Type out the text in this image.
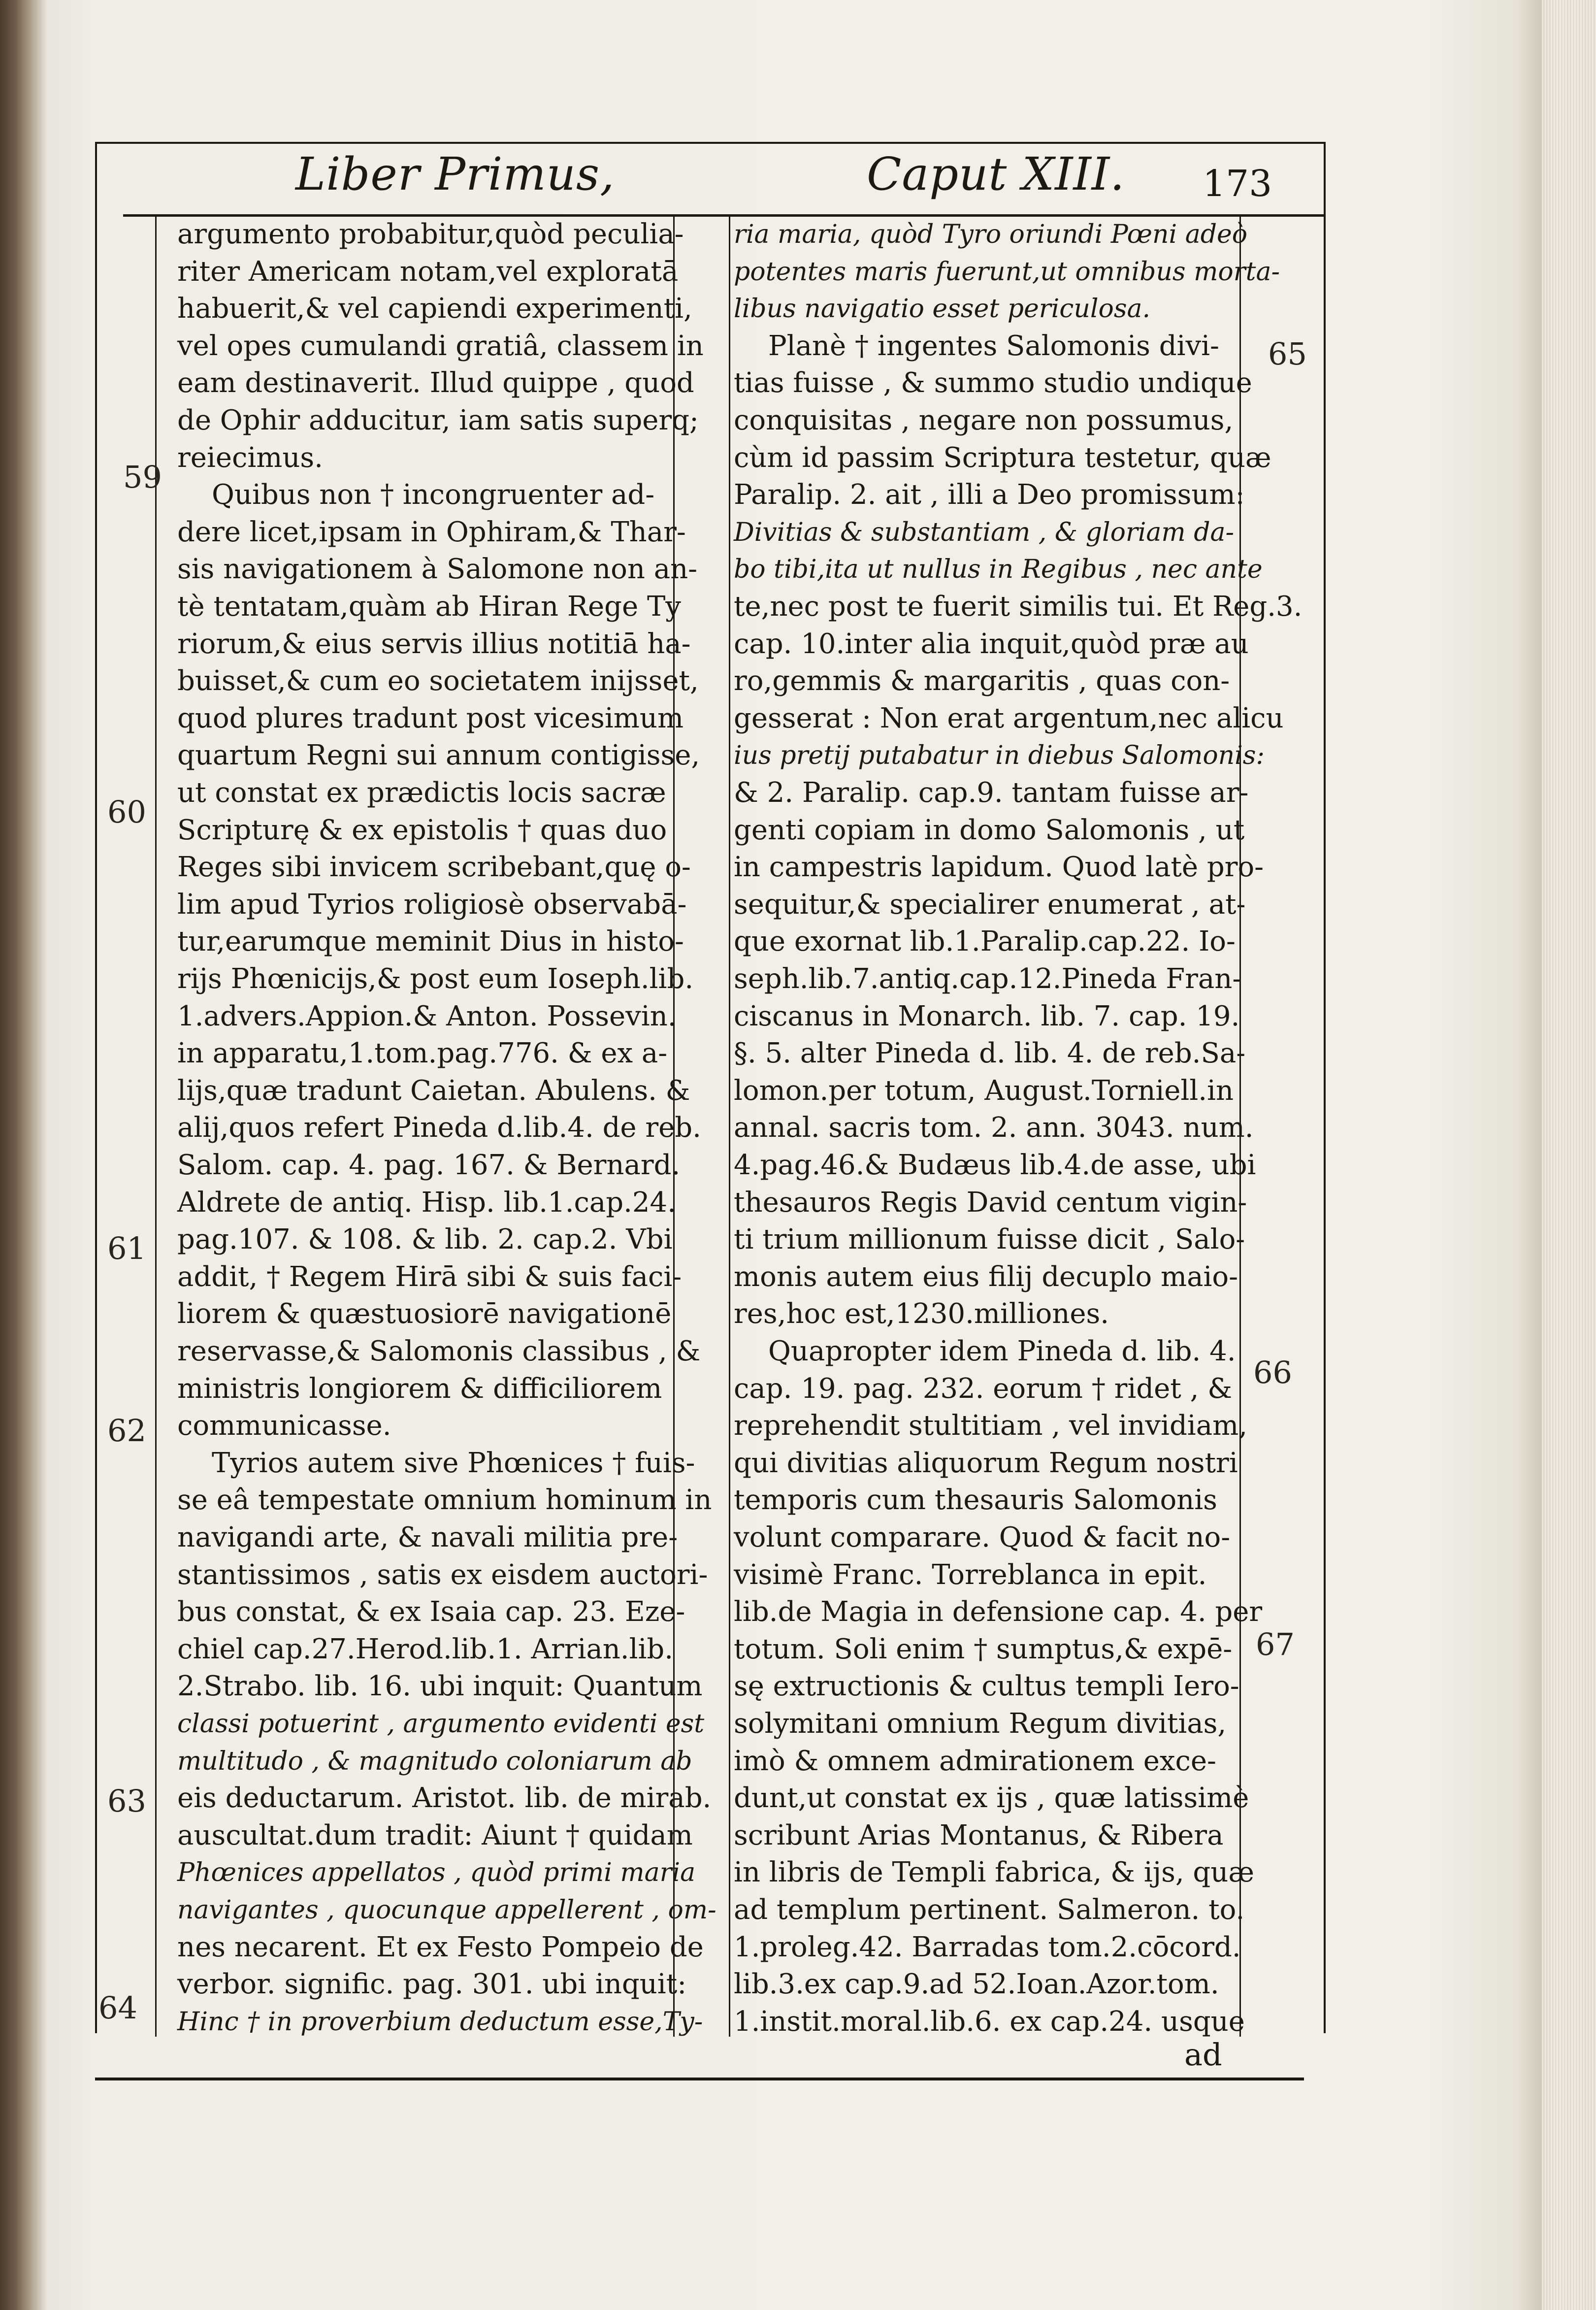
Liber Primus,	Caput XIII. 173
argumento probabitur,quòd peculia-
riter Americam notam,vel exploratā
habuerit,& vel capiendi experimenti,
vel opes cumulandi gratiâ, classem in
eam destinaverit. Illud quippe , quod
de Ophir adducitur, iam satis superq;
reiecimus.
Quibus non † incongruenter ad-
dere licet,ipsam in Ophiram,& Thar-
sis navigationem à Salomone non an-
tè tentatam,quàm ab Hiran Rege Ty
riorum,& eius servis illius notitiā ha-
buisset,& cum eo societatem inijsset,
quod plures tradunt post vicesimum
quartum Regni sui annum contigisse,
ut constat ex prædictis locis sacræ
Scripturę & ex epistolis † quas duo
Reges sibi invicem scribebant,quę o-
lim apud Tyrios roligiosè observabā-
tur,earumque meminit Dius in histo-
rijs Phœnicijs,& post eum Ioseph.lib.
1.advers.Appion.& Anton. Possevin.
in apparatu,1.tom.pag.776. & ex a-
lijs,quæ tradunt Caietan. Abulens. &
alij,quos refert Pineda d.lib.4. de reb.
Salom. cap. 4. pag. 167. & Bernard.
Aldrete de antiq. Hisp. lib.1.cap.24.
pag.107. & 108. & lib. 2. cap.2. Vbi
addit, † Regem Hirā sibi & suis faci-
liorem & quæstuosiorē navigationē
reservasse,& Salomonis classibus , &
ministris longiorem & difficiliorem
communicasse.
Tyrios autem sive Phœnices † fuis-
se eâ tempestate omnium hominum in
navigandi arte, & navali militia pre-
stantissimos , satis ex eisdem auctori-
bus constat, & ex Isaia cap. 23. Eze-
chiel cap.27.Herod.lib.1. Arrian.lib.
2.Strabo. lib. 16. ubi inquit: Quantum
classi potuerint , argumento evidenti est
multitudo , & magnitudo coloniarum ab
eis deductarum. Aristot. lib. de mirab.
auscultat.dum tradit: Aiunt † quidam
Phœnices appellatos , quòd primi maria
navigantes , quocunque appellerent , om-
nes necarent. Et ex Festo Pompeio de
verbor. signific. pag. 301. ubi inquit:
Hinc † in proverbium deductum esse,Ty-
ria maria, quòd Tyro oriundi Pœni adeò
potentes maris fuerunt,ut omnibus morta-
libus navigatio esset periculosa.
Planè † ingentes Salomonis divi-
tias fuisse , & summo studio undique
conquisitas , negare non possumus,
cùm id passim Scriptura testetur, quæ
Paralip. 2. ait , illi a Deo promissum:
Divitias & substantiam , & gloriam da-
bo tibi,ita ut nullus in Regibus , nec ante
te,nec post te fuerit similis tui. Et Reg.3.
cap. 10.inter alia inquit,quòd præ au
ro,gemmis & margaritis , quas con-
gesserat : Non erat argentum,nec alicu
ius pretij putabatur in diebus Salomonis:
& 2. Paralip. cap.9. tantam fuisse ar-
genti copiam in domo Salomonis , ut
in campestris lapidum. Quod latè pro-
sequitur,& specialirer enumerat , at-
que exornat lib.1.Paralip.cap.22. Io-
seph.lib.7.antiq.cap.12.Pineda Fran-
ciscanus in Monarch. lib. 7. cap. 19.
§. 5. alter Pineda d. lib. 4. de reb.Sa-
lomon.per totum, August.Torniell.in
annal. sacris tom. 2. ann. 3043. num.
4.pag.46.& Budæus lib.4.de asse, ubi
thesauros Regis David centum vigin-
ti trium millionum fuisse dicit , Salo-
monis autem eius filij decuplo maio-
res,hoc est,1230.milliones.
Quapropter idem Pineda d. lib. 4.
cap. 19. pag. 232. eorum † ridet , &
reprehendit stultitiam , vel invidiam,
qui divitias aliquorum Regum nostri
temporis cum thesauris Salomonis
volunt comparare. Quod & facit no-
visimè Franc. Torreblanca in epit.
lib.de Magia in defensione cap. 4. per
totum. Soli enim † sumptus,& expē-
sę extructionis & cultus templi Iero-
solymitani omnium Regum divitias,
imò & omnem admirationem exce-
dunt,ut constat ex ijs , quæ latissimè
scribunt Arias Montanus, & Ribera
in libris de Templi fabrica, & ijs, quæ
ad templum pertinent. Salmeron. to.
1.proleg.42. Barradas tom.2.cōcord.
lib.3.ex cap.9.ad 52.Ioan.Azor.tom.
1.instit.moral.lib.6. ex cap.24. usque
59
60
61
62
63
64
65
66
67
ad
